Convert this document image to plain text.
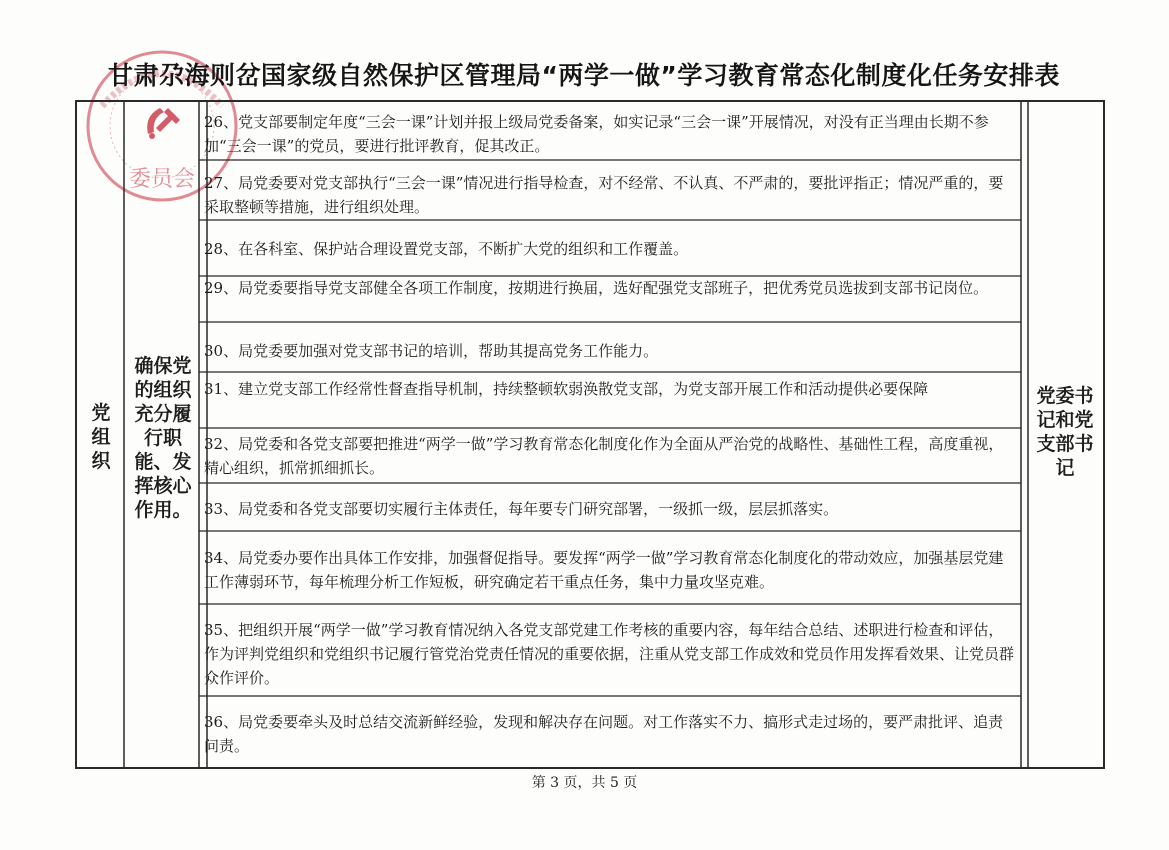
委员会
甘肃尕海则岔国家级自然保护区管理局“两学一做”学习教育常态化制度化任务安排表
党组织
确保党的组织充分履行职能、发挥核心作用。
党委书记和党支部书记
26、党支部要制定年度“三会一课”计划并报上级局党委备案，如实记录“三会一课”开展情况，对没有正当理由长期不参加“三会一课”的党员，要进行批评教育，促其改正。
27、局党委要对党支部执行“三会一课”情况进行指导检查，对不经常、不认真、不严肃的，要批评指正；情况严重的，要采取整顿等措施，进行组织处理。
28、在各科室、保护站合理设置党支部，不断扩大党的组织和工作覆盖。
29、局党委要指导党支部健全各项工作制度，按期进行换届，选好配强党支部班子，把优秀党员选拔到支部书记岗位。
30、局党委要加强对党支部书记的培训，帮助其提高党务工作能力。
31、建立党支部工作经常性督查指导机制，持续整顿软弱涣散党支部，为党支部开展工作和活动提供必要保障
32、局党委和各党支部要把推进“两学一做”学习教育常态化制度化作为全面从严治党的战略性、基础性工程，高度重视，精心组织，抓常抓细抓长。
33、局党委和各党支部要切实履行主体责任，每年要专门研究部署，一级抓一级，层层抓落实。
34、局党委办要作出具体工作安排，加强督促指导。要发挥“两学一做”学习教育常态化制度化的带动效应，加强基层党建工作薄弱环节，每年梳理分析工作短板，研究确定若干重点任务，集中力量攻坚克难。
35、把组织开展“两学一做”学习教育情况纳入各党支部党建工作考核的重要内容，每年结合总结、述职进行检查和评估，作为评判党组织和党组织书记履行管党治党责任情况的重要依据，注重从党支部工作成效和党员作用发挥看效果、让党员群众作评价。
36、局党委要牵头及时总结交流新鲜经验，发现和解决存在问题。对工作落实不力、搞形式走过场的，要严肃批评、追责问责。
第 3 页，共 5 页
